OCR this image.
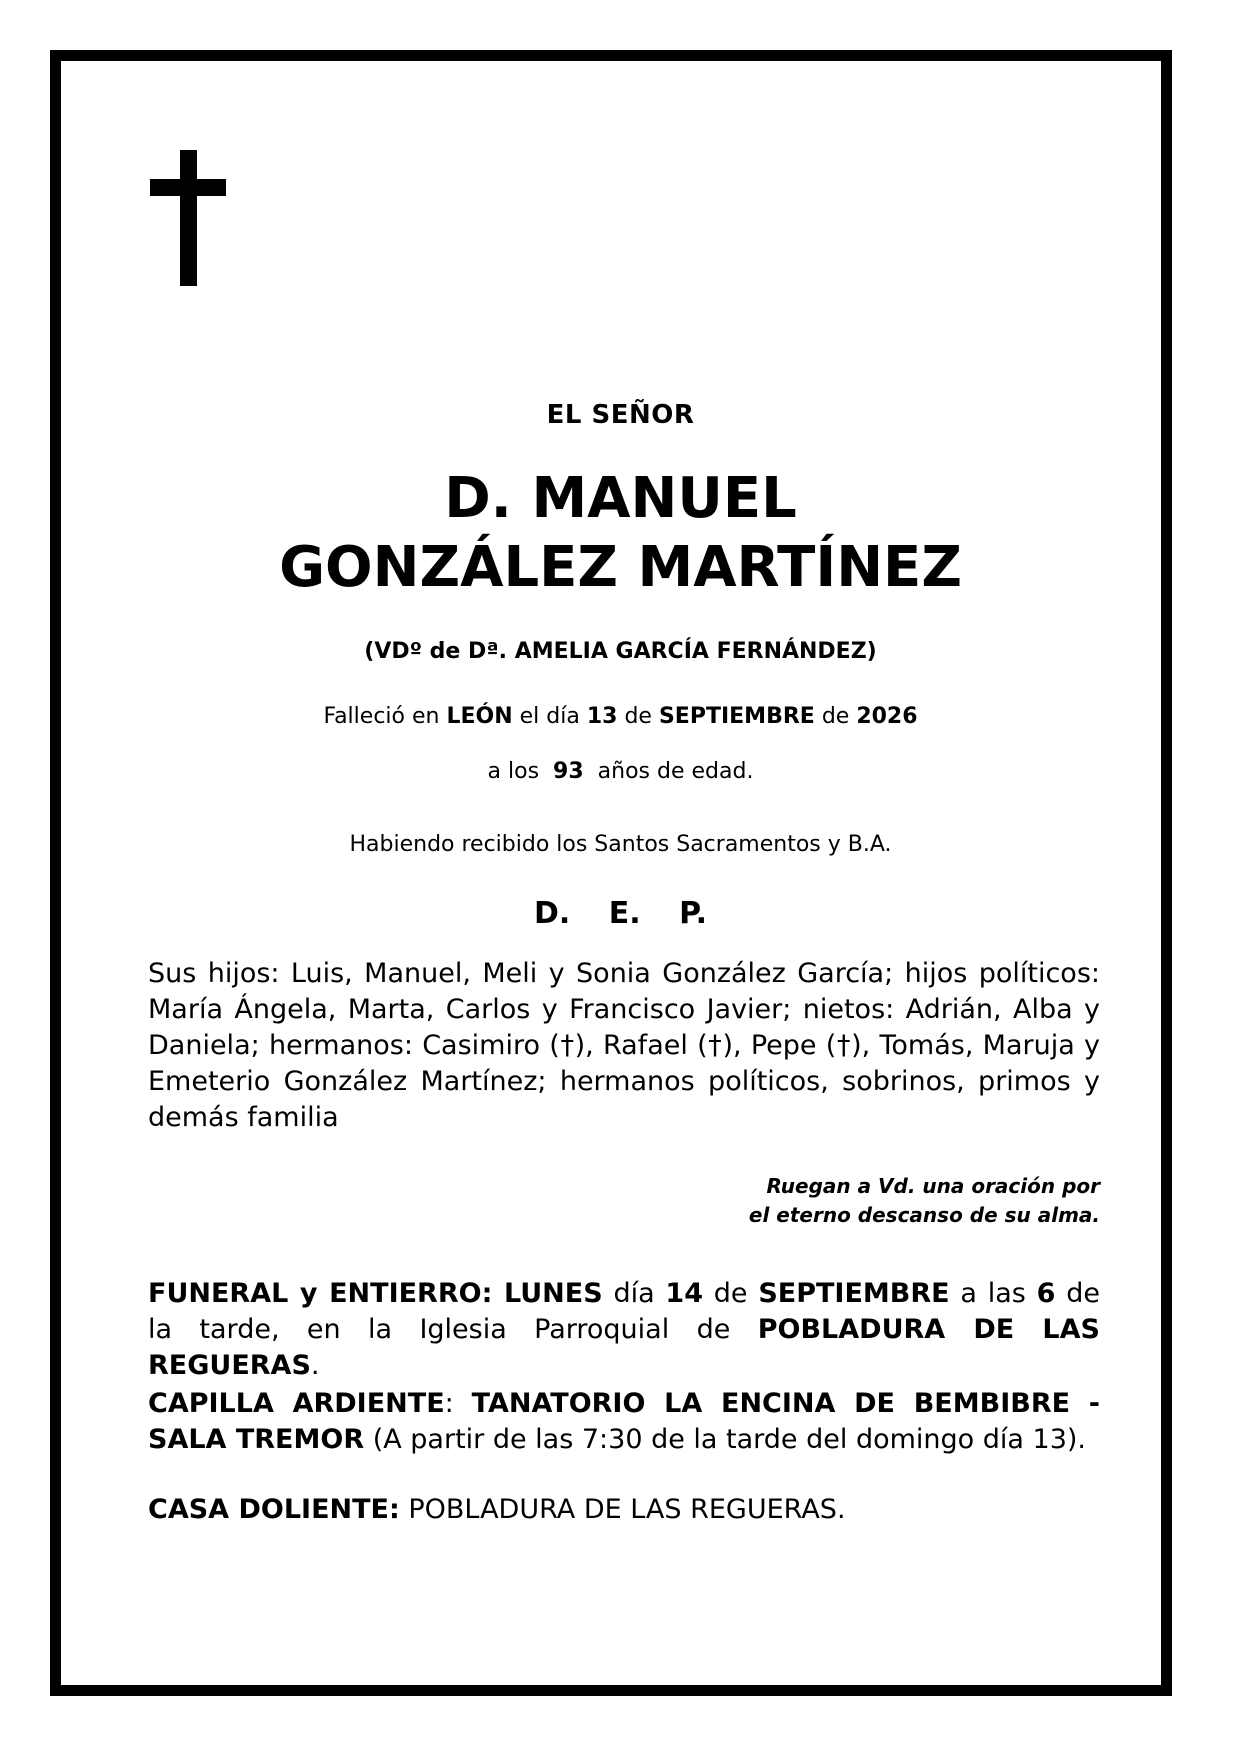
EL SEÑOR
D. MANUEL
GONZÁLEZ MARTÍNEZ
(VDº de Dª. AMELIA GARCÍA FERNÁNDEZ)
Falleció en LEÓN el día 13 de SEPTIEMBRE de 2026
a los 93 años de edad.
Habiendo recibido los Santos Sacramentos y B.A.
D. E. P.
Sus hijos: Luis, Manuel, Meli y Sonia González García; hijos políticos: María Ángela, Marta, Carlos y Francisco Javier; nietos: Adrián, Alba y Daniela; hermanos: Casimiro (†), Rafael (†), Pepe (†), Tomás, Maruja y Emeterio González Martínez; hermanos políticos, sobrinos, primos y demás familia
Ruegan a Vd. una oración por
el eterno descanso de su alma.
FUNERAL y ENTIERRO: LUNES día 14 de SEPTIEMBRE a las 6 de la tarde, en la Iglesia Parroquial de POBLADURA DE LAS REGUERAS.
CAPILLA ARDIENTE: TANATORIO LA ENCINA DE BEMBIBRE - SALA TREMOR (A partir de las 7:30 de la tarde del domingo día 13).
CASA DOLIENTE: POBLADURA DE LAS REGUERAS.
